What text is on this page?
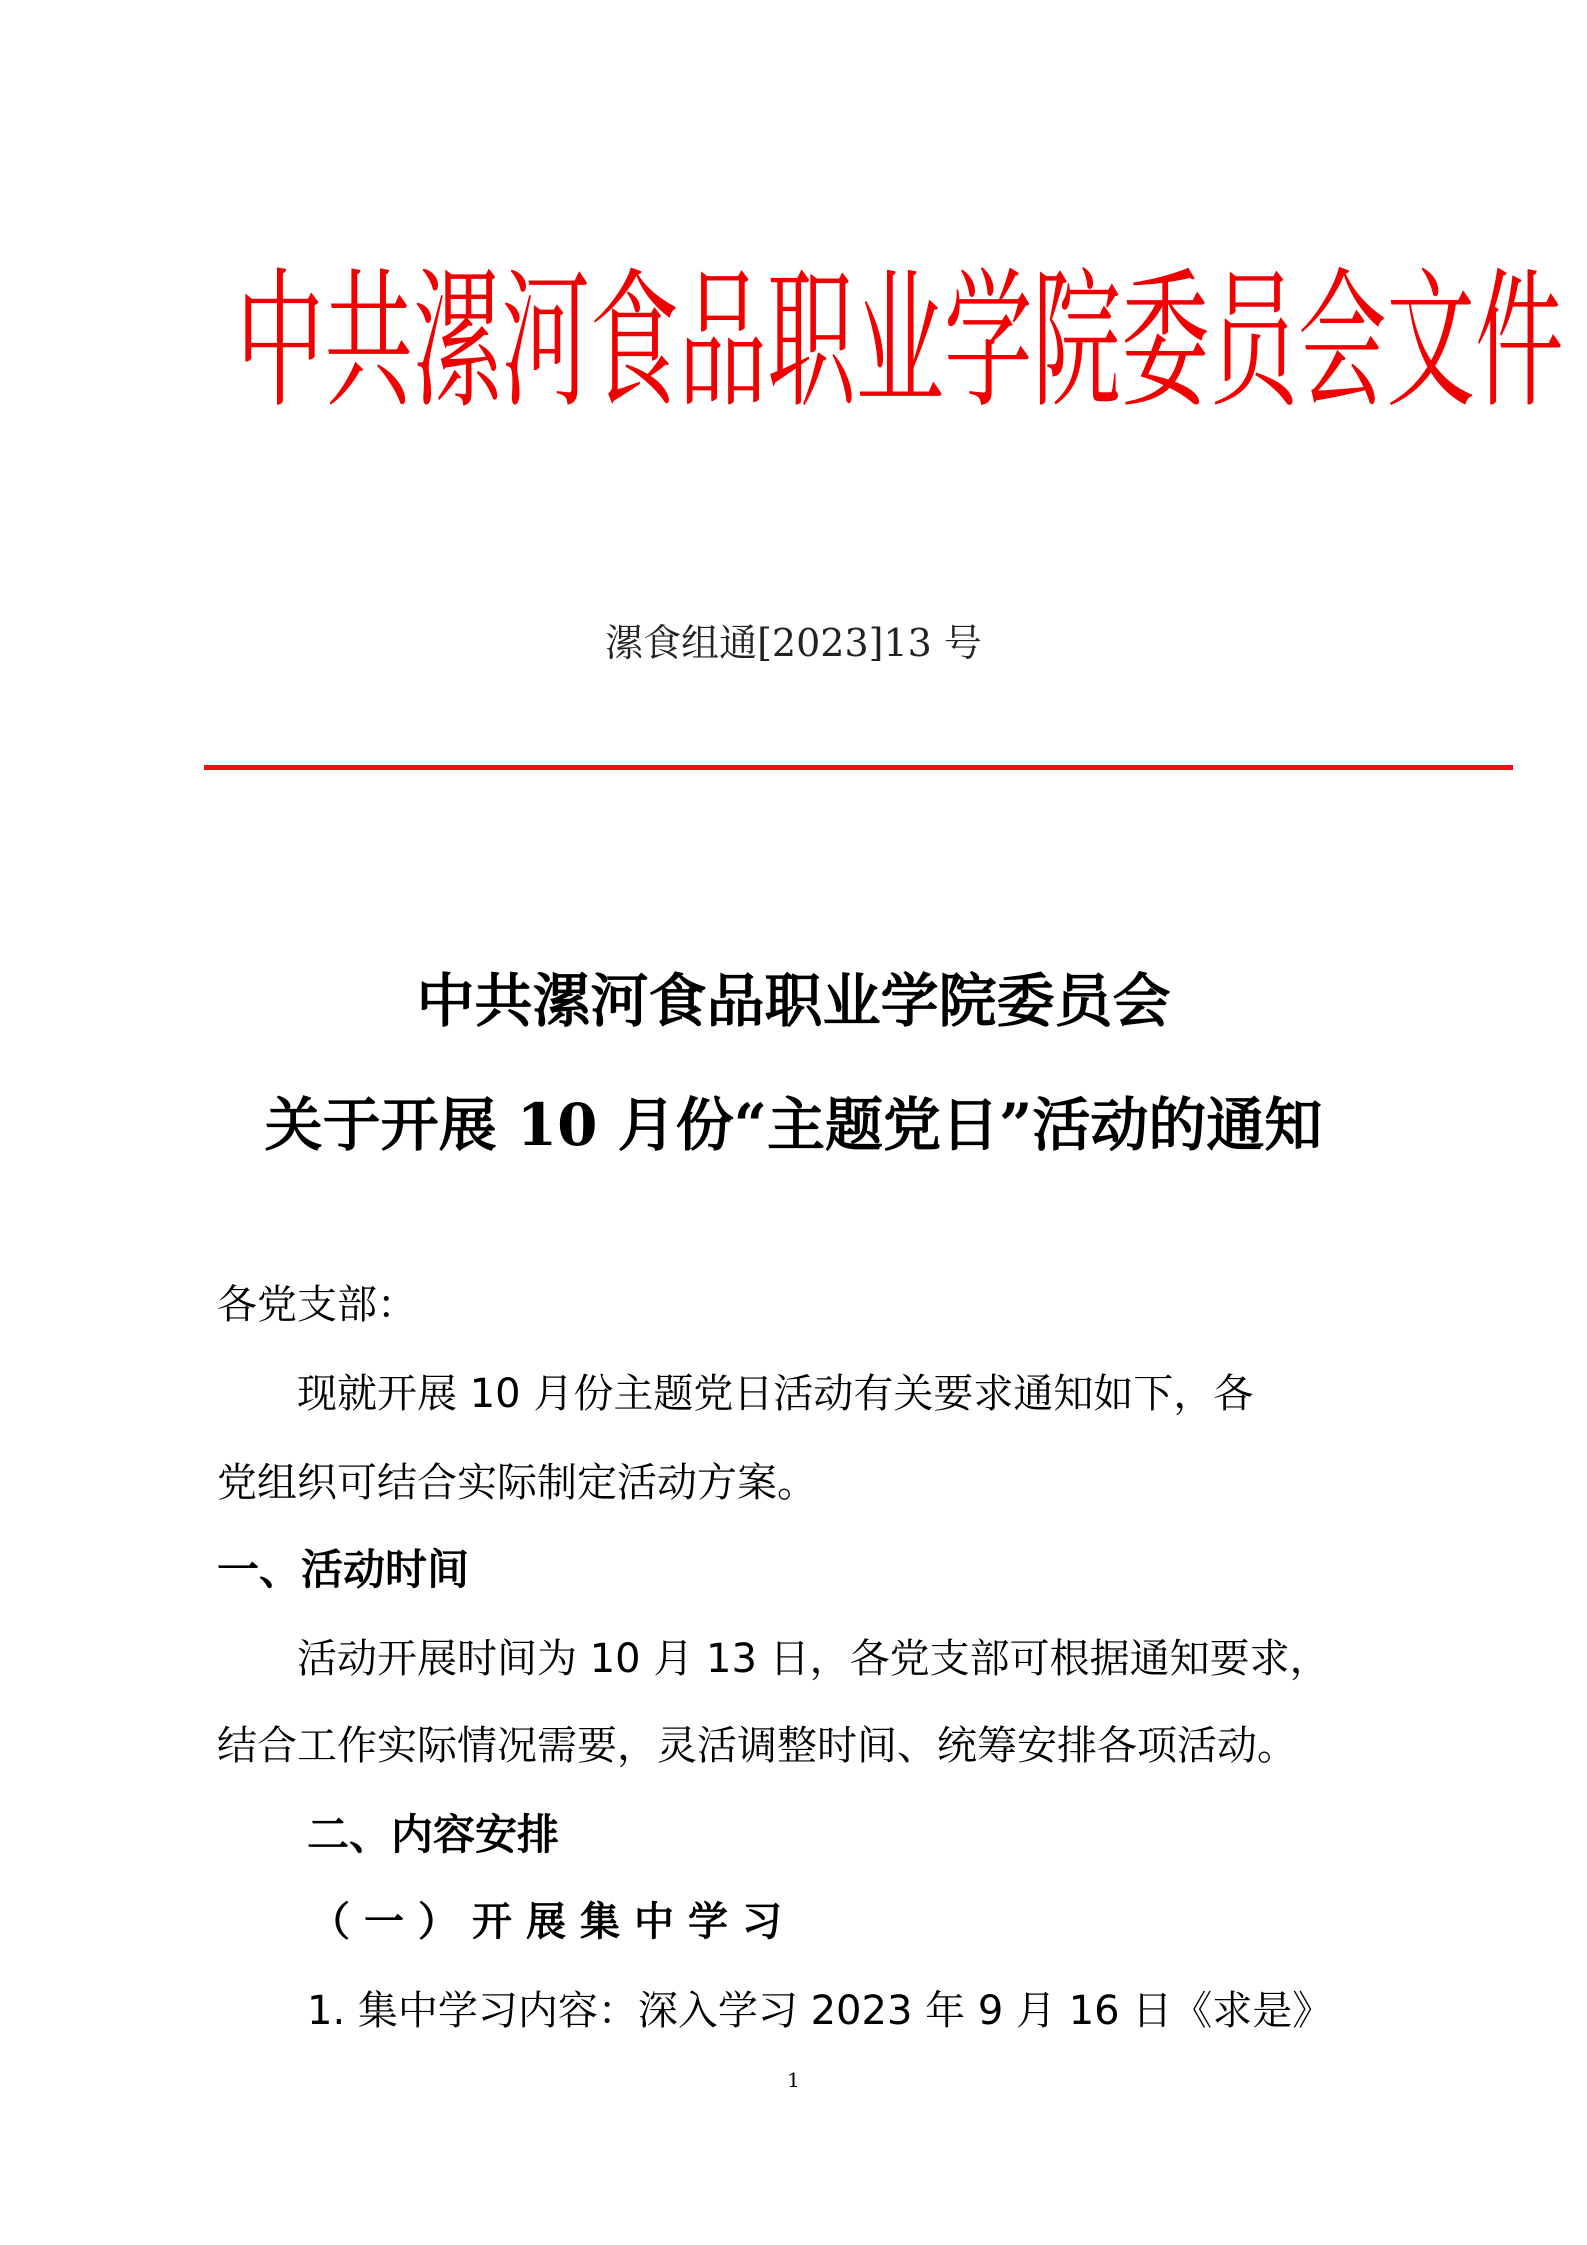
中共漯河食品职业学院委员会文件
漯食组通[2023]13 号
中共漯河食品职业学院委员会
关于开展 10 月份“主题党日”活动的通知
各党支部：
现就开展 10 月份主题党日活动有关要求通知如下，各
党组织可结合实际制定活动方案。
一、活动时间
活动开展时间为 10 月 13 日，各党支部可根据通知要求，
结合工作实际情况需要，灵活调整时间、统筹安排各项活动。
二、内容安排
（一）开展集中学习
1. 集中学习内容：深入学习 2023 年 9 月 16 日《求是》
1
